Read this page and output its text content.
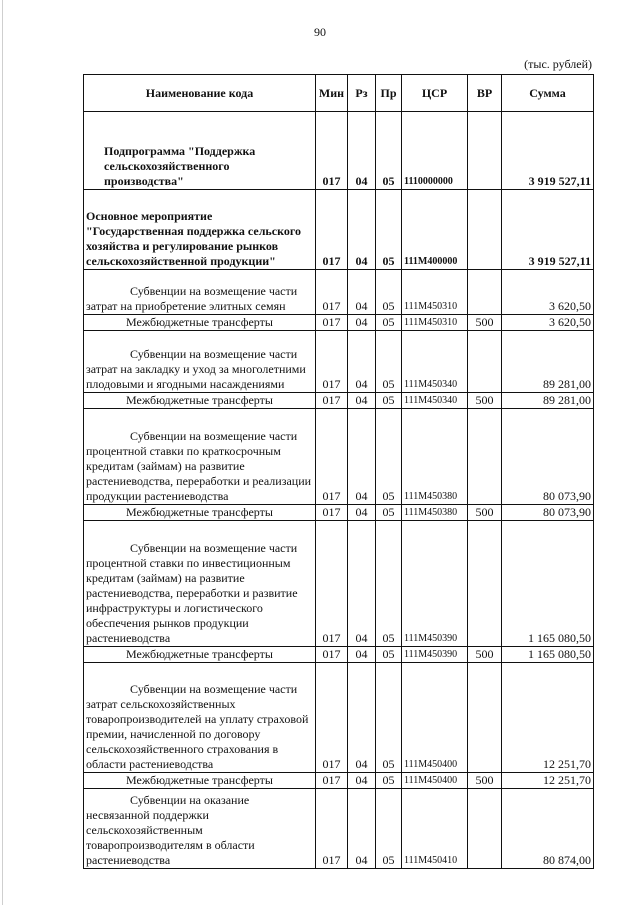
90
(тыс. рублей)
Наименование кода	Мин	Рз	Пр	ЦСР	ВР	Сумма
Подпрограмма "Поддержка сельскохозяйственного производства"	017	04	05	1110000000		3 919 527,11
Основное мероприятие "Государственная поддержка сельского хозяйства и регулирование рынков сельскохозяйственной продукции"	017	04	05	111M400000		3 919 527,11
Субвенции на возмещение части затрат на приобретение элитных семян	017	04	05	111M450310		3 620,50
Межбюджетные трансферты	017	04	05	111M450310	500	3 620,50
Субвенции на возмещение части затрат на закладку и уход за многолетними плодовыми и ягодными насаждениями	017	04	05	111M450340		89 281,00
Межбюджетные трансферты	017	04	05	111M450340	500	89 281,00
Субвенции на возмещение части процентной ставки по краткосрочным кредитам (займам) на развитие растениеводства, переработки и реализации продукции растениеводства	017	04	05	111M450380		80 073,90
Межбюджетные трансферты	017	04	05	111M450380	500	80 073,90
Субвенции на возмещение части процентной ставки по инвестиционным кредитам (займам) на развитие растениеводства, переработки и развитие инфраструктуры и логистического обеспечения рынков продукции растениеводства	017	04	05	111M450390		1 165 080,50
Межбюджетные трансферты	017	04	05	111M450390	500	1 165 080,50
Субвенции на возмещение части затрат сельскохозяйственных товаропроизводителей на уплату страховой премии, начисленной по договору сельскохозяйственного страхования в области растениеводства	017	04	05	111M450400		12 251,70
Межбюджетные трансферты	017	04	05	111M450400	500	12 251,70
Субвенции на оказание несвязанной поддержки сельскохозяйственным товаропроизводителям в области растениеводства	017	04	05	111M450410		80 874,00
